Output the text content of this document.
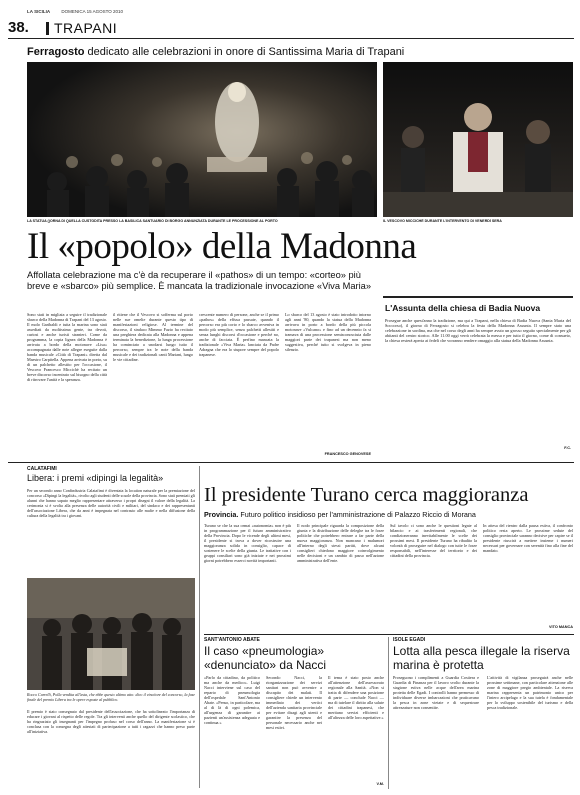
LA SICILIA	DOMENICA 15 AGOSTO 2010
38. TRAPANI
Ferragosto dedicato alle celebrazioni in onore di Santissima Maria di Trapani
LA STATUA ()ORNA DI QUELLA CUSTODITA PRESSO LA BASILICA SANTUARIO DI BORGO ANNUNZIATA DURANTE LE PROCESSIONE AL PORTO	IL VESCOVO MICCICHÈ DURANTE L'INTERVENTO DI VENERDÌ SERA
Il «popolo» della Madonna
Affollata celebrazione ma c'è da recuperare il «pathos» di un tempo: «corteo» più breve e «sbarco» più semplice. È mancata la tradizionale invocazione «Viva Maria»
Sono stati in migliaia a seguire il tradizionale sbarco della Madonna di Trapani del 13 agosto. Il molo Garibaldi e tutta la marina sono stati assediati da moltissima gente, tra devoti, curiosi e anche turisti stranieri. Come da programma, la copia lignea della Madonna è arrivata a bordo della motonave «Lisa» accompagnata dalle note allegre eseguite dalla banda musicale «Città di Trapani» diretta dal Maestro Carpitella. Appena arrivata in porto, su di un palchetto allestito per l'occasione, il Vescovo Francesco Miccichè ha recitato un breve discorso incentrato sul bisogno della città di ritrovare l'unità e la speranza.
il ritiene che il Vescovo si sofferma sul porto nelle sue omelie durante questo tipo di manifestazioni religiose. Al termine del discorso, il sindaco Mimmo Fazio ha recitato una preghiera dedicata alla Madonna e appena terminata la benedizione, la lunga processione ha cominciato a snodarsi lungo tutto il percorso, sempre tra le note della banda musicale e dei tradizionali canti Mariani, lungo le vie cittadine.
crescente numero di persone, anche se il primo «pathos» della effusa passate, quando il percorso era più corto e lo sbarco avveniva in modo più semplice, senza palchetti allestiti e senza lunghi discorsi d'occasione e perché no, anche di facciata. È perfino mancata la tradizionale «Viva Maria» lanciata da Padre Adragna che era lo stupore sempre del popolo trapanese.
Lo sbarco del 13 agosto è stato introdotto intorno agli anni '80, quando la statua della Madonna arrivava in porto a bordo della più piccola motonave «Vulcano» e fino ad un decennio fa si tramava di una processione semisconosciuta dalle maggiori parte dei trapanesi ma non meno suggestiva, perché tutto si svolgeva in pieno silenzio.
FRANCESCO GENOVESE
L'Assunta della chiesa di Badia Nuova
Prosegue anche quest'anno la tradizione, ma qui a Trapani, nella chiesa di Badia Nuova (Santa Maria del Soccorso), il giorno di Ferragosto si celebra la festa della Madonna Assunta. Il sempre stato una celebrazione in sordina, ma che nel corso degli anni ha sempre avuto un grosso seguito specialmente per gli abitanti del centro storico. Alle 11.00 oggi verrà celebrata la messa e per tutto il giorno, come di consueto, la chiesa resterà aperta ai fedeli che vorranno rendere omaggio alla statua della Madonna Assunta.
F.C.
CALATAFIMI
Libera: i premi «dipingi la legalità»
Per un secondo anno Confindustria Calatafimi è diventata la location naturale per la premiazione del concorso «Dipingi la legalità», rivolto agli studenti delle scuole della provincia. Sono stati premiati gli alunni che hanno saputo meglio rappresentare attraverso i propri disegni il valore della legalità. La cerimonia si è svolta alla presenza delle autorità civili e militari, del sindaco e dei rappresentanti dell'associazione Libera, che da anni è impegnata nel contrasto alle mafie e nella diffusione della cultura della legalità tra i giovani.
Rocco Carrelli, Polla vendita all'asta, che ebbe questo ultimo atto: dico il vincitore del concorso, la fase finale del premio Libera tra le opere esposte al pubblico.
Il premio è stato consegnato dal presidente dell'associazione, che ha sottolineato l'importanza di educare i giovani al rispetto delle regole. Tra gli interventi anche quello del dirigente scolastico, che ha ringraziato gli insegnanti per l'impegno profuso nel corso dell'anno. La manifestazione si è conclusa con la consegna degli attestati di partecipazione a tutti i ragazzi che hanno preso parte all'iniziativa.
Il presidente Turano cerca maggioranza
Provincia. Futuro politico insidioso per l'amministrazione di Palazzo Riccio di Morana
Turano se che la sua ormai «autonomia» non è più in programmazione per il futuro amministrativo della Provincia. Dopo le vicende degli ultimi mesi, il presidente si trova a dover ricostruire una maggioranza solida in consiglio, capace di sostenere le scelte della giunta. Le trattative con i gruppi consiliari sono già iniziate e nei prossimi giorni potrebbero esserci novità importanti.
Il nodo principale riguarda la composizione della giunta e la distribuzione delle deleghe tra le forze politiche che potrebbero entrare a far parte della nuova maggioranza. Non mancano i malumori all'interno degli stessi partiti, dove alcuni consiglieri chiedono maggiore coinvolgimento nelle decisioni e un cambio di passo nell'azione amministrativa dell'ente.
Sul tavolo ci sono anche le questioni legate al bilancio e ai trasferimenti regionali, che condizioneranno inevitabilmente le scelte dei prossimi mesi. Il presidente Turano ha ribadito la volontà di proseguire nel dialogo con tutte le forze responsabili, nell'interesse del territorio e dei cittadini della provincia.
In attesa del rientro dalla pausa estiva, il confronto politico resta aperto. Le prossime sedute del consiglio provinciale saranno decisive per capire se il presidente riuscirà a mettere insieme i numeri necessari per governare con serenità fino alla fine del mandato.
VITO MANCA
SANT'ANTONIO ABATE
Il caso «pneumologia» «denunciato» da Nacci
«Parlo da cittadino, da politico ma anche da medico». Luigi Nacci interviene sul caso del reparto di pneumologia dell'ospedale Sant'Antonio Abate. «Penso, in particolare, ma al di là di ogni polemica, all'urgenza di garantire ai pazienti un'assistenza adeguata e continua.»
Secondo Nacci, la riorganizzazione dei servizi sanitari non può avvenire a discapito dei malati. Il consigliere chiede un intervento immediato dei vertici dell'azienda sanitaria provinciale per evitare disagi agli utenti e garantire la presenza del personale necessario anche nei mesi estivi.
Il tema è stato posto anche all'attenzione dell'assessorato regionale alla Sanità. «Non si tratta di difendere una posizione di parte — conclude Nacci — ma di tutelare il diritto alla salute dei cittadini trapanesi, che meritano servizi efficienti e all'altezza delle loro aspettative.»
V.M.
ISOLE EGADI
Lotta alla pesca illegale la riserva marina è protetta
Proseguono i complimenti a Guardia Costiera e Guardia di Finanza per il lavoro svolto durante la stagione estiva nelle acque dell'area marina protetta delle Egadi. I controlli hanno permesso di individuare diverse imbarcazioni che praticavano la pesca in zone vietate e di sequestrare attrezzature non consentite.
L'attività di vigilanza proseguirà anche nelle prossime settimane, con particolare attenzione alle zone di maggiore pregio ambientale. La riserva marina rappresenta un patrimonio unico per l'intero arcipelago e la sua tutela è fondamentale per lo sviluppo sostenibile del turismo e della pesca tradizionale.
